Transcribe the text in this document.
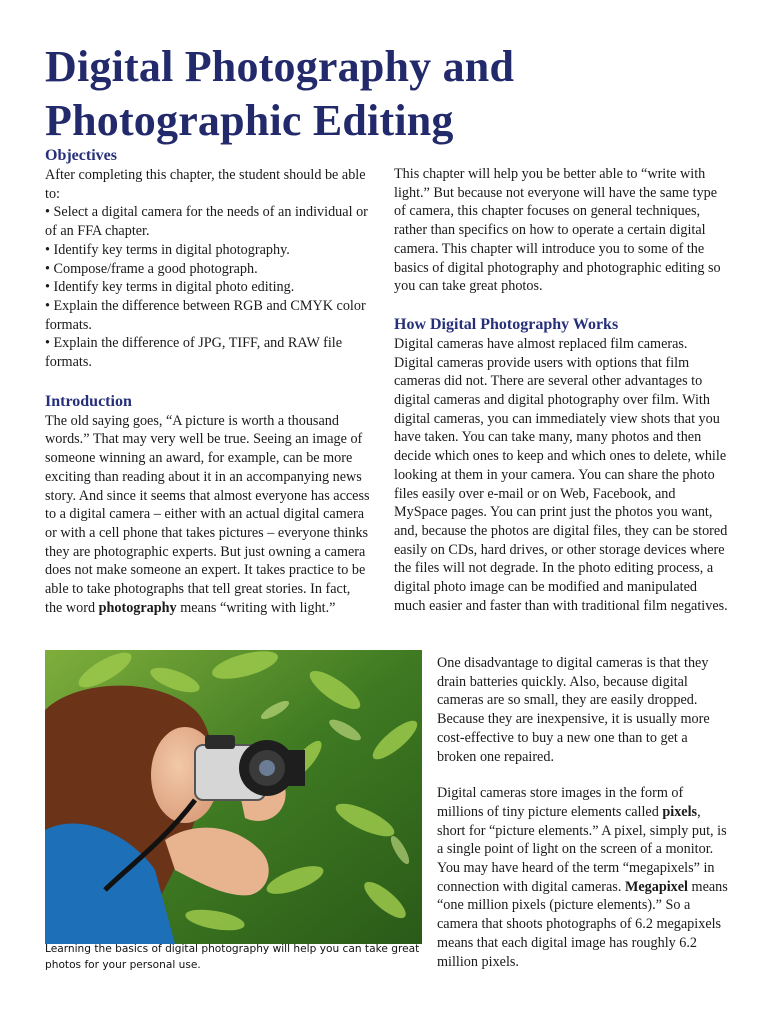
Digital Photography and
Photographic Editing
Objectives

After completing this chapter, the student should be able to:

• Select a digital camera for the needs of an individual or of an FFA chapter.

• Identify key terms in digital photography.

• Compose/frame a good photograph.

• Identify key terms in digital photo editing.

• Explain the difference between RGB and CMYK color formats.

• Explain the difference of JPG, TIFF, and RAW file formats.

Introduction

The old saying goes, “A picture is worth a thousand words.” That may very well be true. Seeing an image of someone winning an award, for example, can be more exciting than reading about it in an accompanying news story. And since it seems that almost everyone has access to a digital camera – either with an actual digital camera or with a cell phone that takes pictures – everyone thinks they are photographic experts. But just owning a camera does not make someone an expert. It takes practice to be able to take photographs that tell great stories. In fact, the word photography means “writing with light.”

This chapter will help you be better able to “write with light.” But because not everyone will have the same type of camera, this chapter focuses on general techniques, rather than specifics on how to operate a certain digital camera. This chapter will introduce you to some of the basics of digital photography and photographic editing so you can take great photos.

How Digital Photography Works

Digital cameras have almost replaced film cameras. Digital cameras provide users with options that film cameras did not. There are several other advantages to digital cameras and digital photography over film. With digital cameras, you can immediately view shots that you have taken. You can take many, many photos and then decide which ones to keep and which ones to delete, while looking at them in your camera. You can share the photo files easily over e-mail or on Web, Facebook, and MySpace pages. You can print just the photos you want, and, because the photos are digital files, they can be stored easily on CDs, hard drives, or other storage devices where the files will not degrade. In the photo editing process, a digital photo image can be modified and manipulated much easier and faster than with traditional film negatives.

Learning the basics of digital photography will help you can take great photos for your personal use.

One disadvantage to digital cameras is that they drain batteries quickly. Also, because digital cameras are so small, they are easily dropped. Because they are inexpensive, it is usually more cost-effective to buy a new one than to get a broken one repaired.

Digital cameras store images in the form of millions of tiny picture elements called pixels, short for “picture elements.” A pixel, simply put, is a single point of light on the screen of a monitor. You may have heard of the term “megapixels” in connection with digital cameras. Megapixel means “one million pixels (picture elements).” So a camera that shoots photographs of 6.2 megapixels means that each digital image has roughly 6.2 million pixels.
